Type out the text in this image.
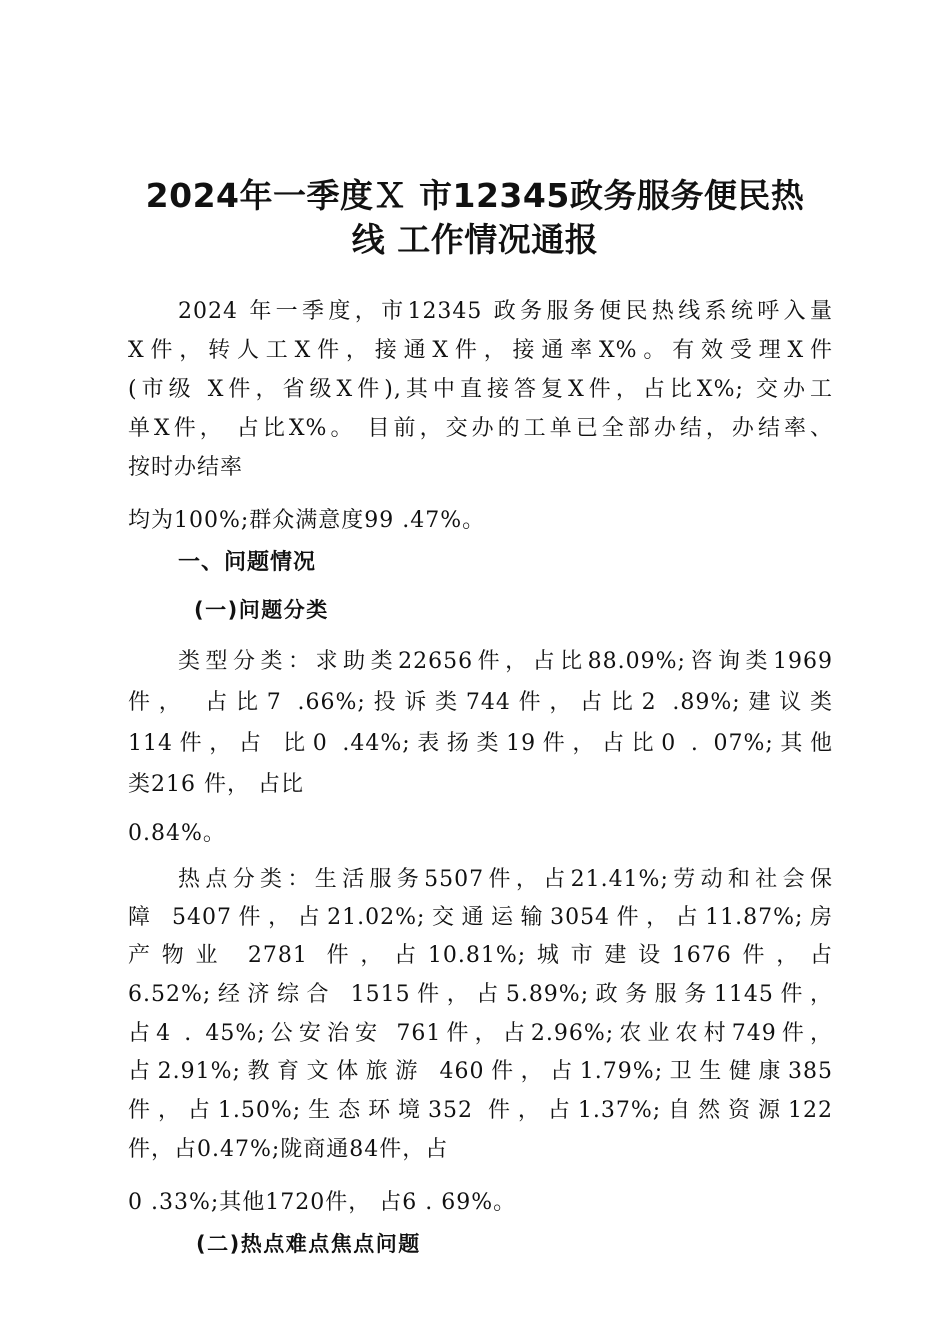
2024年一季度Ｘ 市12345政务服务便民热
线 工作情况通报
2024 年一季度，市12345 政务服务便民热线系统呼入量
X件，转人工X件，接通X件，接通率X%。有效受理X件
(市级 X件，省级X件),其中直接答复X件，占比X%; 交办工
单X件， 占比X%。 目前，交办的工单已全部办结，办结率、
按时办结率
均为100%;群众满意度99 .47%。
一、问题情况
(一)问题分类
类型分类：求助类22656件，占比88.09%;咨询类1969
件， 占比7 .66%;投诉类744件，占比2 .89%;建议类
114件，占 比0 .44%;表扬类19件，占比0 . 07%;其他
类216 件， 占比
0.84%。
热点分类：生活服务5507件，占21.41%;劳动和社会保
障 5407件，占21.02%;交通运输3054件，占11.87%;房
产物业 2781 件，占10.81%;城市建设1676件，占
6.52%;经济综合 1515件，占5.89%;政务服务1145件，
占4 . 45%;公安治安 761件，占2.96%;农业农村749件，
占2.91%;教育文体旅游 460件，占1.79%;卫生健康385
件，占1.50%;生态环境352 件，占1.37%;自然资源122
件，占0.47%;陇商通84件，占
0 .33%;其他1720件， 占6 . 69%。
(二)热点难点焦点问题
